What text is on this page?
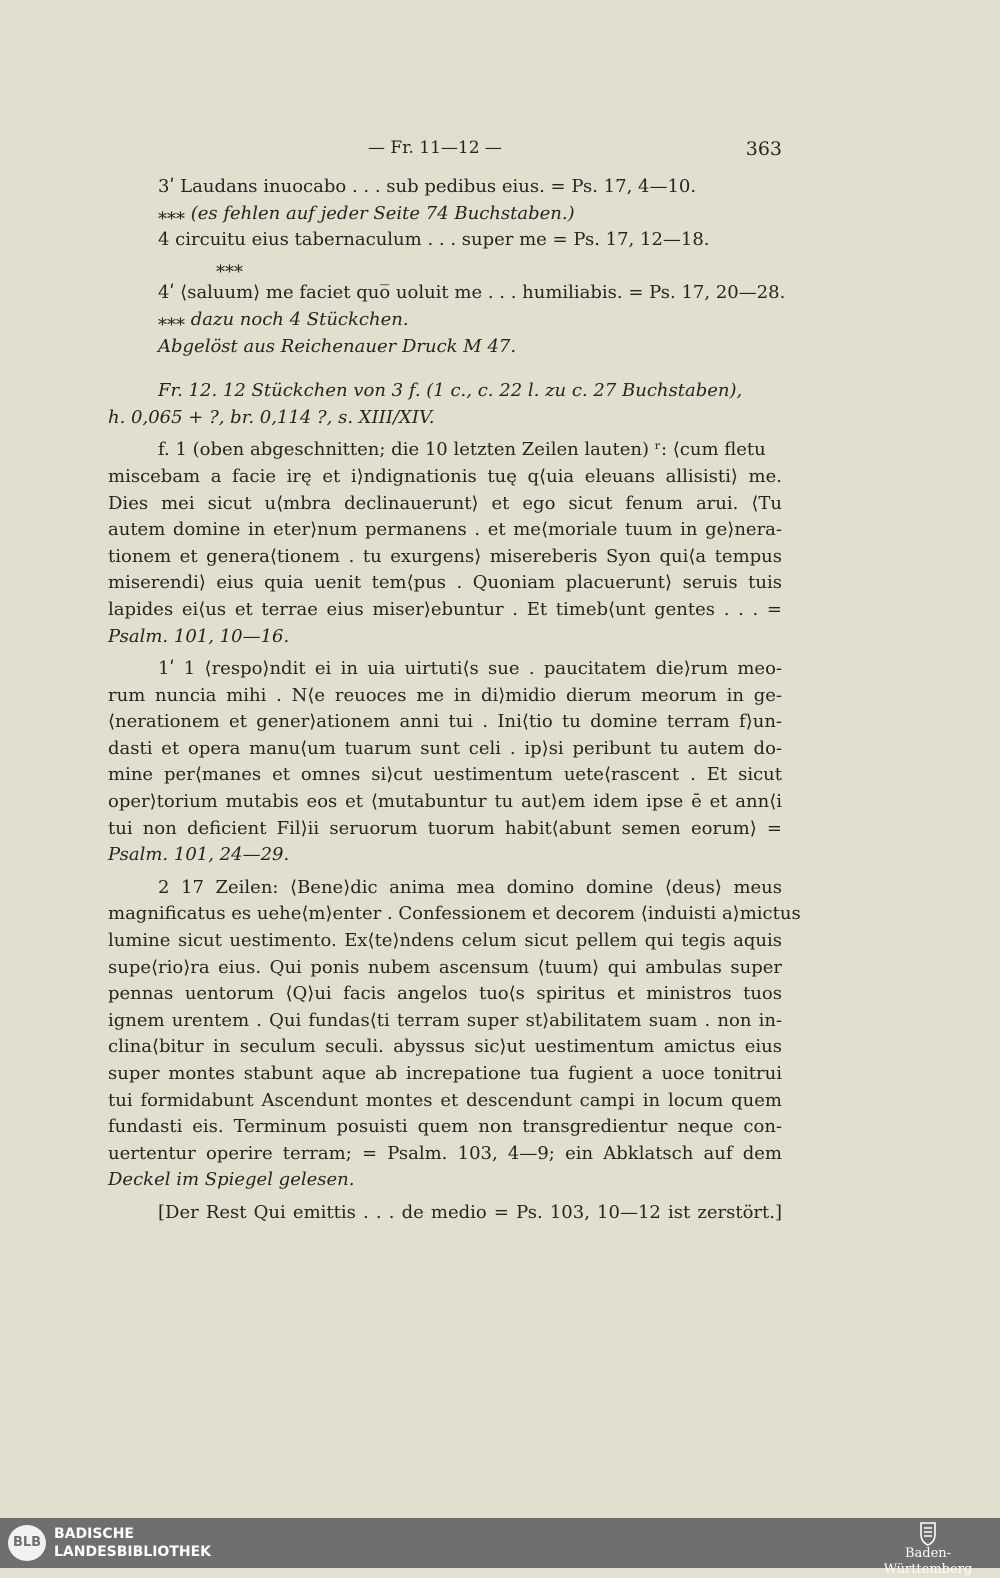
— Fr. 11—12 —	363
3ʹ Laudans inuocabo . . . sub pedibus eius. = Ps. 17, 4—10.
⁎⁎⁎ (es fehlen auf jeder Seite 74 Buchstaben.)
4 circuitu eius tabernaculum . . . super me = Ps. 17, 12—18.
⁎⁎⁎
4ʹ ⟨saluum⟩ me faciet quo̅ uoluit me . . . humiliabis. = Ps. 17, 20—28.
⁎⁎⁎ dazu noch 4 Stückchen.
Abgelöst aus Reichenauer Druck M 47.
Fr. 12. 12 Stückchen von 3 f. (1 c., c. 22 l. zu c. 27 Buchstaben),
h. 0,065 + ?, br. 0,114 ?, s. XIII/XIV.
f. 1 (oben abgeschnitten; die 10 letzten Zeilen lauten) ʳ: ⟨cum fletu
miscebam a facie irę et i⟩ndignationis tuę q⟨uia eleuans allisisti⟩ me.
Dies mei sicut u⟨mbra declinauerunt⟩ et ego sicut fenum arui. ⟨Tu
autem domine in eter⟩num permanens . et me⟨moriale tuum in ge⟩nera-
tionem et genera⟨tionem . tu exurgens⟩ misereberis Syon qui⟨a tempus
miserendi⟩ eius quia uenit tem⟨pus . Quoniam placuerunt⟩ seruis tuis
lapides ei⟨us et terrae eius miser⟩ebuntur . Et timeb⟨unt gentes . . . =
Psalm. 101, 10—16.
1ʹ 1 ⟨respo⟩ndit ei in uia uirtuti⟨s sue . paucitatem die⟩rum meo-
rum nuncia mihi . N⟨e reuoces me in di⟩midio dierum meorum in ge-
⟨nerationem et gener⟩ationem anni tui . Ini⟨tio tu domine terram f⟩un-
dasti et opera manu⟨um tuarum sunt celi . ip⟩si peribunt tu autem do-
mine per⟨manes et omnes si⟩cut uestimentum uete⟨rascent . Et sicut
oper⟩torium mutabis eos et ⟨mutabuntur tu aut⟩em idem ipse ē et ann⟨i
tui non deficient Fil⟩ii seruorum tuorum habit⟨abunt semen eorum⟩ =
Psalm. 101, 24—29.
2 17 Zeilen: ⟨Bene⟩dic anima mea domino domine ⟨deus⟩ meus
magnificatus es uehe⟨m⟩enter . Confessionem et decorem ⟨induisti a⟩mictus
lumine sicut uestimento. Ex⟨te⟩ndens celum sicut pellem qui tegis aquis
supe⟨rio⟩ra eius. Qui ponis nubem ascensum ⟨tuum⟩ qui ambulas super
pennas uentorum ⟨Q⟩ui facis angelos tuo⟨s spiritus et ministros tuos
ignem urentem . Qui fundas⟨ti terram super st⟩abilitatem suam . non in-
clina⟨bitur in seculum seculi. abyssus sic⟩ut uestimentum amictus eius
super montes stabunt aque ab increpatione tua fugient a uoce tonitrui
tui formidabunt Ascendunt montes et descendunt campi in locum quem
fundasti eis. Terminum posuisti quem non transgredientur neque con-
uertentur operire terram; = Psalm. 103, 4—9; ein Abklatsch auf dem
Deckel im Spiegel gelesen.
[Der Rest Qui emittis . . . de medio = Ps. 103, 10—12 ist zerstört.]
BLB
BADISCHE
LANDESBIBLIOTHEK	Baden-Württemberg
